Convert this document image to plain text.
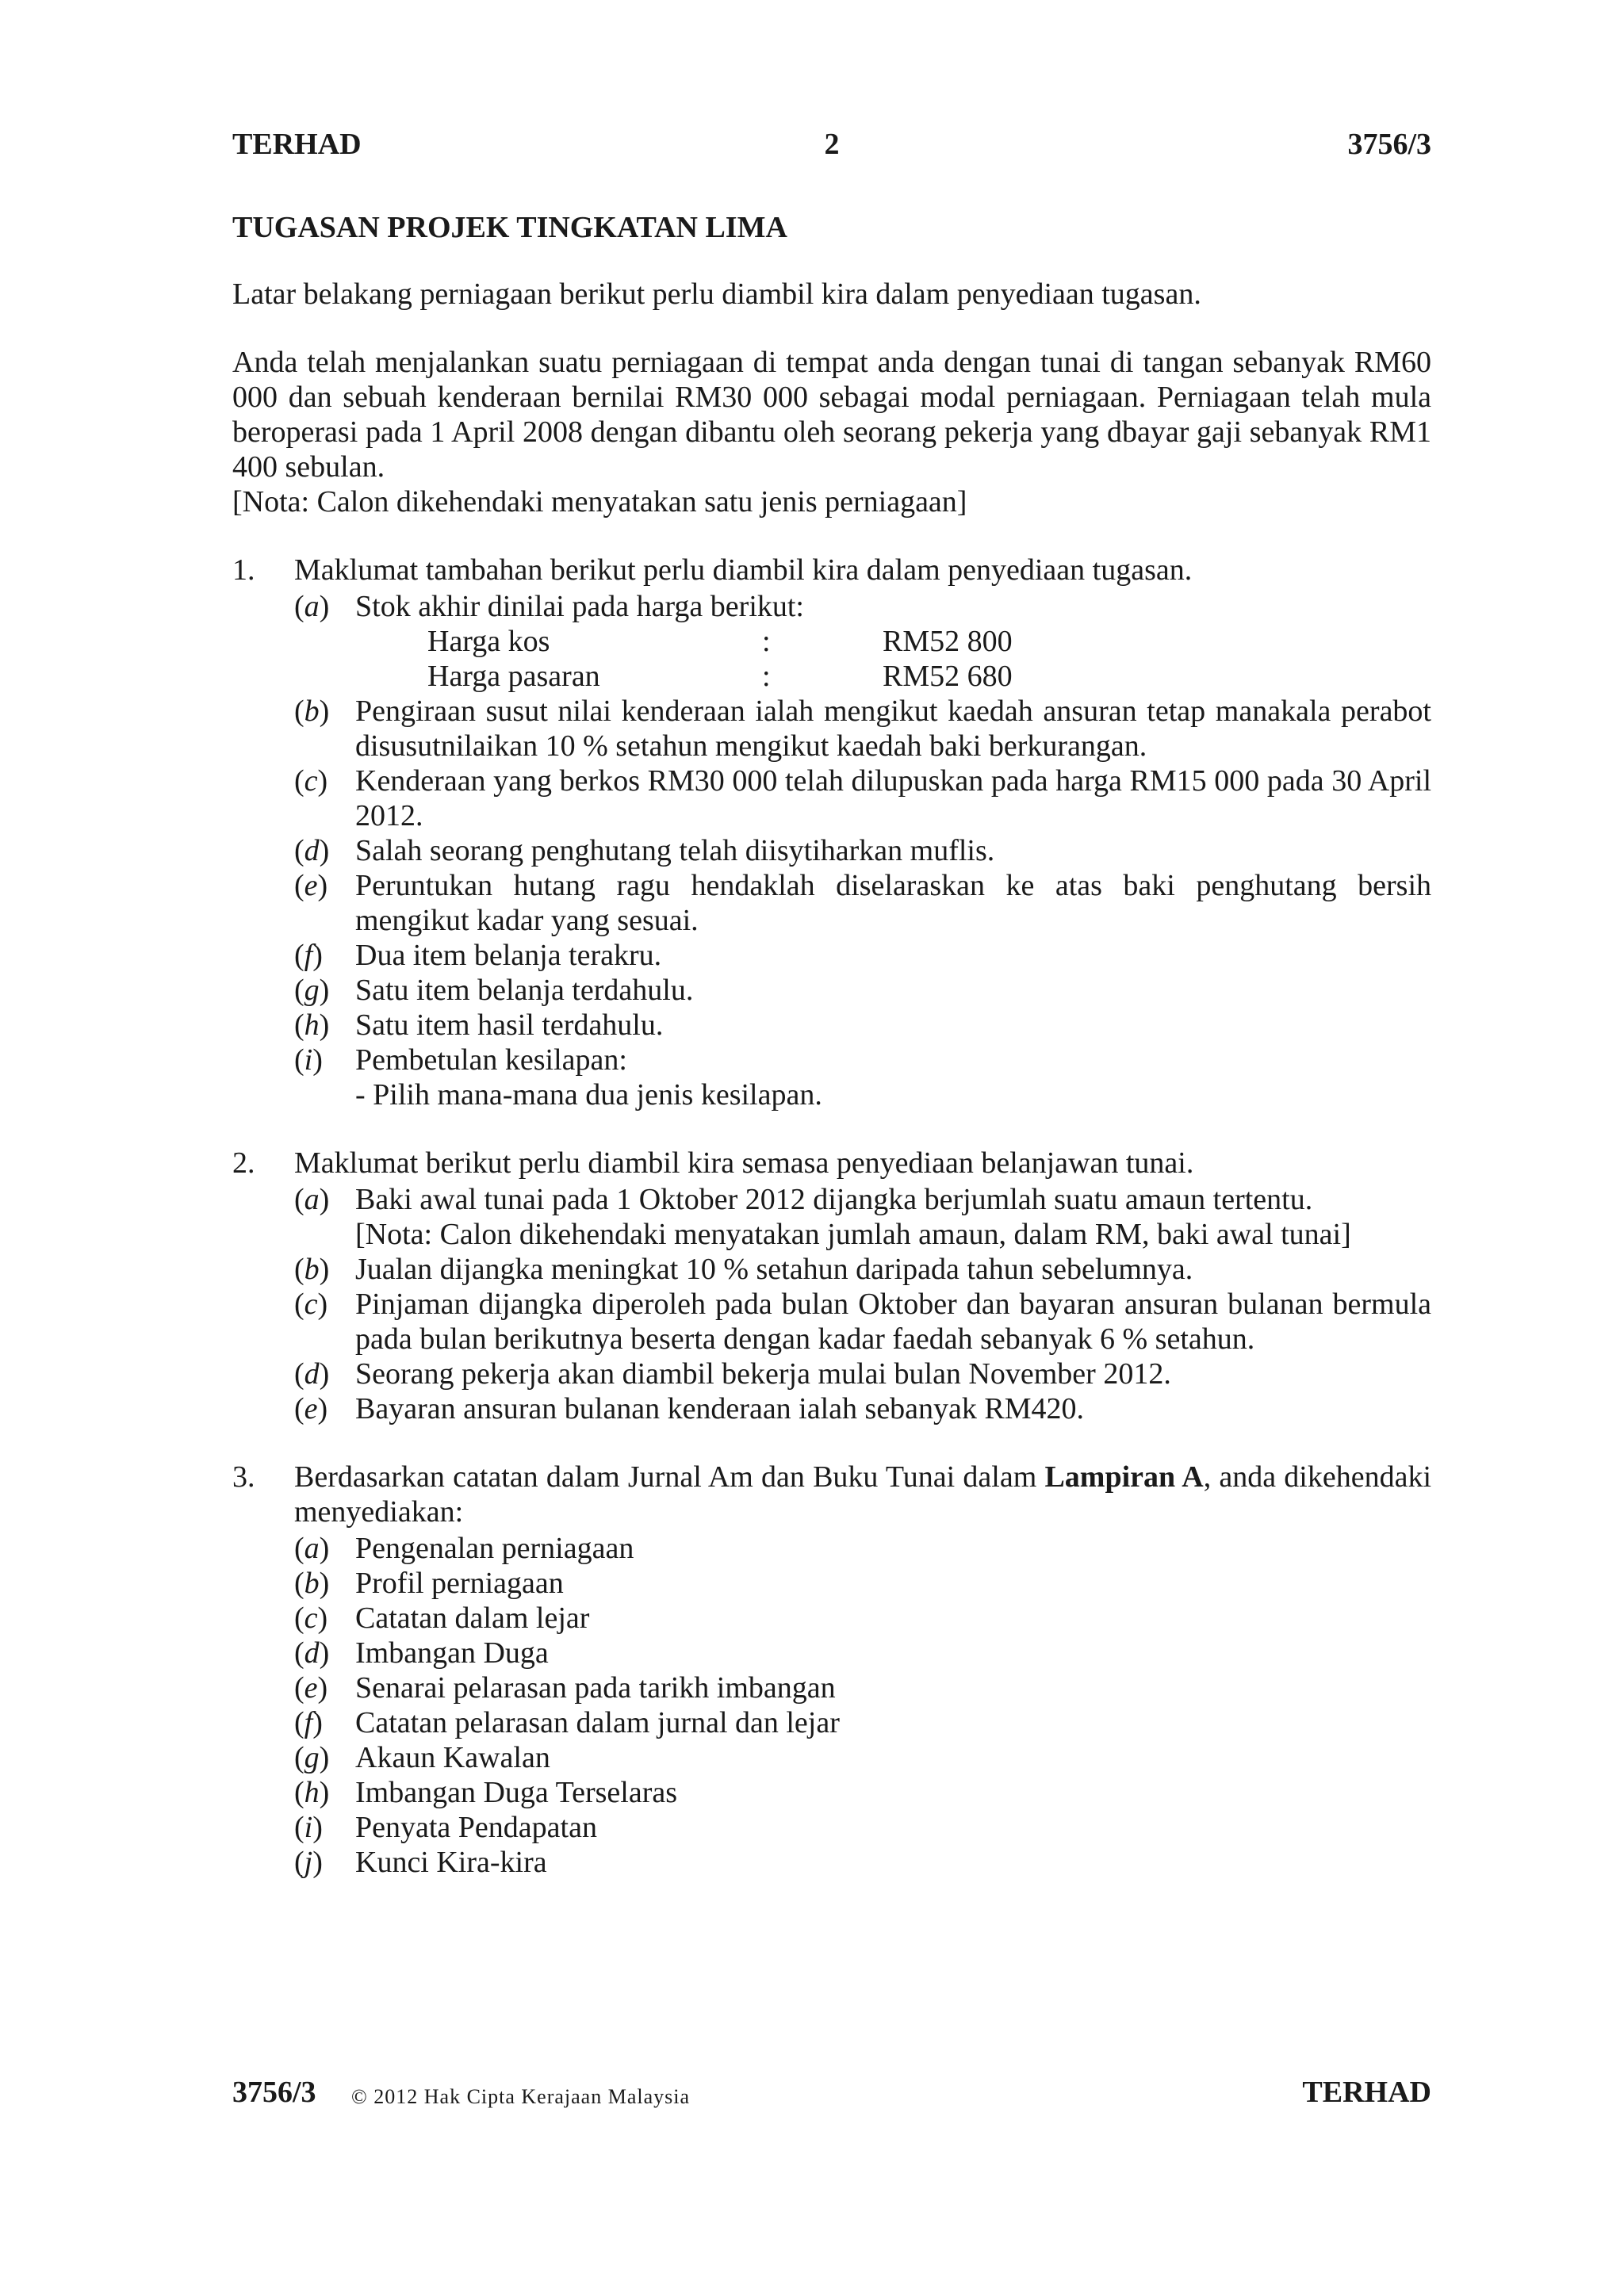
TERHAD	2	3756/3
TUGASAN PROJEK TINGKATAN LIMA

Latar belakang perniagaan berikut perlu diambil kira dalam penyediaan tugasan.

Anda telah menjalankan suatu perniagaan di tempat anda dengan tunai di tangan sebanyak RM60 000 dan sebuah kenderaan bernilai RM30 000 sebagai modal perniagaan. Perniagaan telah mula beroperasi pada 1 April 2008 dengan dibantu oleh seorang pekerja yang dbayar gaji sebanyak RM1 400 sebulan.

[Nota: Calon dikehendaki menyatakan satu jenis perniagaan]

1. Maklumat tambahan berikut perlu diambil kira dalam penyediaan tugasan.
(a) Stok akhir dinilai pada harga berikut:
Harga kos	:	RM52 800
Harga pasaran	:	RM52 680
(b) Pengiraan susut nilai kenderaan ialah mengikut kaedah ansuran tetap manakala perabot disusutnilaikan 10 % setahun mengikut kaedah baki berkurangan.
(c) Kenderaan yang berkos RM30 000 telah dilupuskan pada harga RM15 000 pada 30 April 2012.
(d) Salah seorang penghutang telah diisytiharkan muflis.
(e) Peruntukan hutang ragu hendaklah diselaraskan ke atas baki penghutang bersih mengikut kadar yang sesuai.
(f) Dua item belanja terakru.
(g) Satu item belanja terdahulu.
(h) Satu item hasil terdahulu.
(i) Pembetulan kesilapan:
- Pilih mana-mana dua jenis kesilapan.
2. Maklumat berikut perlu diambil kira semasa penyediaan belanjawan tunai.
(a) Baki awal tunai pada 1 Oktober 2012 dijangka berjumlah suatu amaun tertentu.
[Nota: Calon dikehendaki menyatakan jumlah amaun, dalam RM, baki awal tunai]
(b) Jualan dijangka meningkat 10 % setahun daripada tahun sebelumnya.
(c) Pinjaman dijangka diperoleh pada bulan Oktober dan bayaran ansuran bulanan bermula pada bulan berikutnya beserta dengan kadar faedah sebanyak 6 % setahun.
(d) Seorang pekerja akan diambil bekerja mulai bulan November 2012.
(e) Bayaran ansuran bulanan kenderaan ialah sebanyak RM420.
3. Berdasarkan catatan dalam Jurnal Am dan Buku Tunai dalam Lampiran A, anda dikehendaki menyediakan:
(a) Pengenalan perniagaan
(b) Profil perniagaan
(c) Catatan dalam lejar
(d) Imbangan Duga
(e) Senarai pelarasan pada tarikh imbangan
(f) Catatan pelarasan dalam jurnal dan lejar
(g) Akaun Kawalan
(h) Imbangan Duga Terselaras
(i) Penyata Pendapatan
(j) Kunci Kira-kira
3756/3 © 2012 Hak Cipta Kerajaan Malaysia	TERHAD
